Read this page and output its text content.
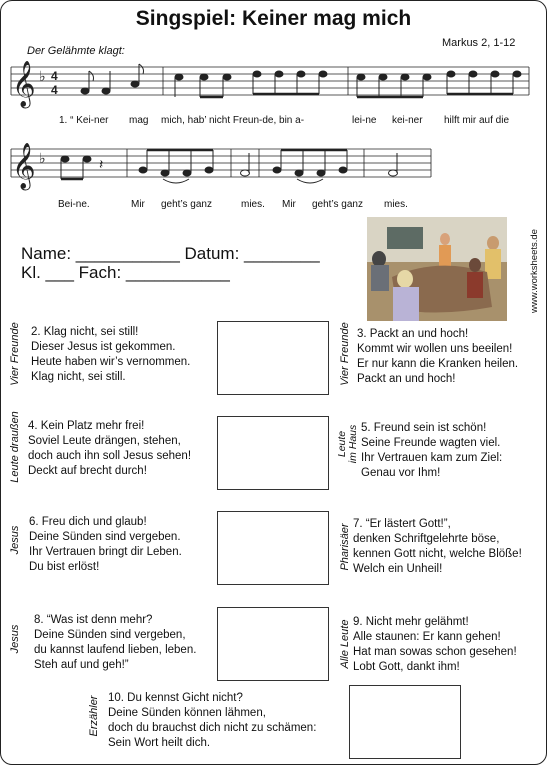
Singspiel: Keiner mag mich
Markus 2, 1-12
Der Gelähmte klagt:
𝄞 ♭ 4
4
1. “ Kei-ner mag mich, hab’ nicht Freun-de, bin a-	lei-ne kei-ner hilft mir auf die
𝄞 ♭	𝄽
Bei-ne.	Mir geht’s ganz	mies. Mir geht’s ganz mies.
Name: ___________ Datum: ________
Kl. ___ Fach: ___________	www.worksheets.de
Vier Freunde 2. Klag nicht, sei still!
Dieser Jesus ist gekommen.
Heute haben wir’s vernommen.
Klag nicht, sei still.	Vier Freunde 3. Packt an und hoch!
Kommt wir wollen uns beeilen!
Er nur kann die Kranken heilen.
Packt an und hoch!
Leute draußen 4. Kein Platz mehr frei!
Soviel Leute drängen, stehen,
doch auch ihn soll Jesus sehen!
Deckt auf brecht durch!
Leute
im Haus 5. Freund sein ist schön!
Seine Freunde wagten viel.
Ihr Vertrauen kam zum Ziel:
Genau vor Ihm!
Jesus
6. Freu dich und glaub!
Deine Sünden sind vergeben.
Ihr Vertrauen bringt dir Leben.
Du bist erlöst!	Pharisäer 7. “Er lästert Gott!”,
denken Schriftgelehrte böse,
kennen Gott nicht, welche Blöße!
Welch ein Unheil!
Jesus
8. “Was ist denn mehr?
Deine Sünden sind vergeben,
du kannst laufend lieben, leben.
Steh auf und geh!”	Alle Leute 9. Nicht mehr gelähmt!
Alle staunen: Er kann gehen!
Hat man sowas schon gesehen!
Lobt Gott, dankt ihm!
Erzähler 10. Du kennst Gicht nicht?
Deine Sünden können lähmen,
doch du brauchst dich nicht zu schämen:
Sein Wort heilt dich.
